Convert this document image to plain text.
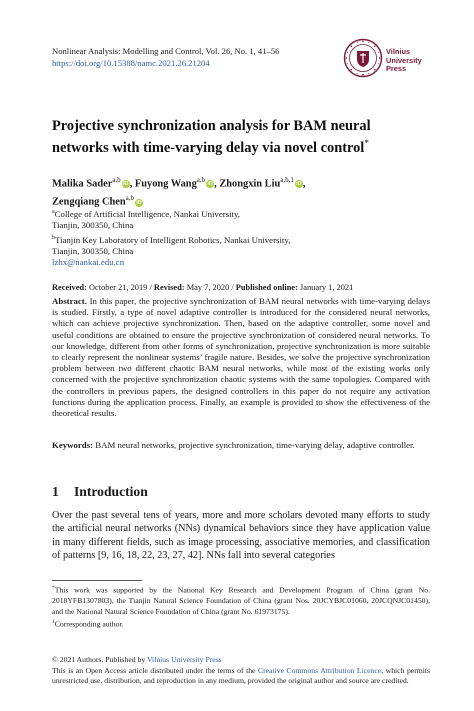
Nonlinear Analysis: Modelling and Control, Vol. 26, No. 1, 41–56
https://doi.org/10.15388/namc.2021.26.21204
Vilnius
University
Press
Projective synchronization analysis for BAM neural
networks with time-varying delay via novel control*
Malika Sader$^{a,b}$iD, Fuyong Wang$^{a,b}$iD, Zhongxin Liu$^{a,b,1}$iD,
Zengqiang Chen$^{a,b}$iD
$^a$College of Artificial Intelligence, Nankai University,
Tianjin, 300350, China
$^b$Tianjin Key Laboratory of Intelligent Robotics, Nankai University,
Tianjin, 300350, China
lzhx@nankai.edu.cn
Received: October 21, 2019 / Revised: May 7, 2020 / Published online: January 1, 2021
Abstract. In this paper, the projective synchronization of BAM neural networks with time-varying delays is studied. Firstly, a type of novel adaptive controller is introduced for the considered neural networks, which can achieve projective synchronization. Then, based on the adaptive controller, some novel and useful conditions are obtained to ensure the projective synchronization of considered neural networks. To our knowledge, different from other forms of synchronization, projective synchronization is more suitable to clearly represent the nonlinear systems’ fragile nature. Besides, we solve the projective synchronization problem between two different chaotic BAM neural networks, while most of the existing works only concerned with the projective synchronization chaotic systems with the same topologies. Compared with the controllers in previous papers, the designed controllers in this paper do not require any activation functions during the application process. Finally, an example is provided to show the effectiveness of the theoretical results.
Keywords: BAM neural networks, projective synchronization, time-varying delay, adaptive controller.
1 Introduction
Over the past several tens of years, more and more scholars devoted many efforts to study the artificial neural networks (NNs) dynamical behaviors since they have application value in many different fields, such as image processing, associative memories, and classification of patterns [9, 16, 18, 22, 23, 27, 42]. NNs fall into several categories
*This work was supported by the National Key Research and Development Program of China (grant No. 2018YFB1307803), the Tianjin Natural Science Foundation of China (grant Nos. 20JCYBJC01060, 20JCQNJC01450), and the National Natural Science Foundation of China (grant No. 61973175).
$^1$Corresponding author.
© 2021 Authors. Published by Vilnius University Press
This is an Open Access article distributed under the terms of the Creative Commons Attribution Licence, which permits unrestricted use, distribution, and reproduction in any medium, provided the original author and source are credited.
